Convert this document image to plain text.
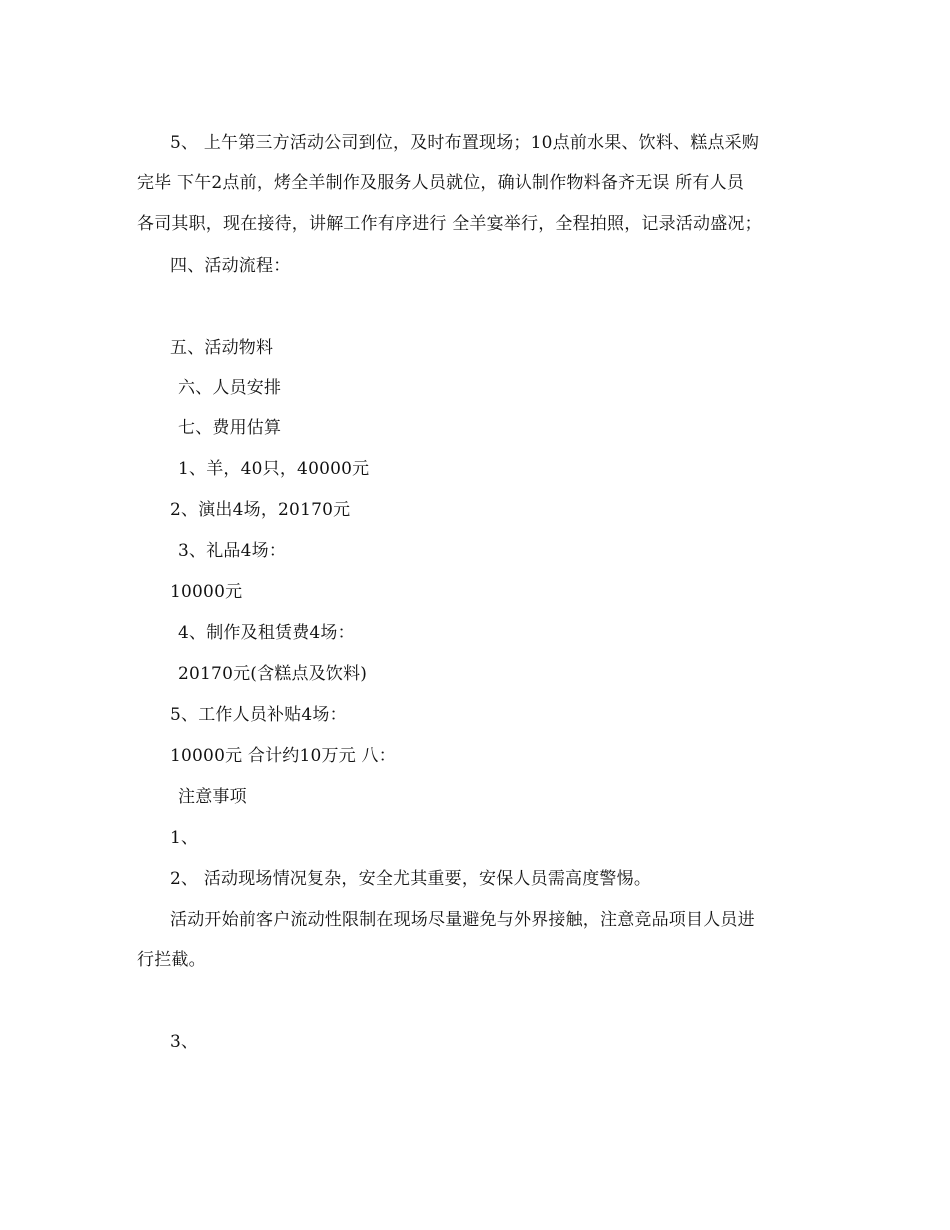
5、 上午第三方活动公司到位，及时布置现场；10点前水果、饮料、糕点采购
完毕 下午2点前，烤全羊制作及服务人员就位，确认制作物料备齐无误 所有人员
各司其职，现在接待，讲解工作有序进行 全羊宴举行，全程拍照，记录活动盛况；
四、活动流程：
五、活动物料
六、人员安排
七、费用估算
1、羊，40只，40000元
2、演出4场，20170元
3、礼品4场：
10000元
4、制作及租赁费4场：
20170元(含糕点及饮料)
5、工作人员补贴4场：
10000元 合计约10万元 八：
注意事项
1、
2、 活动现场情况复杂，安全尤其重要，安保人员需高度警惕。
活动开始前客户流动性限制在现场尽量避免与外界接触，注意竞品项目人员进
行拦截。
3、
